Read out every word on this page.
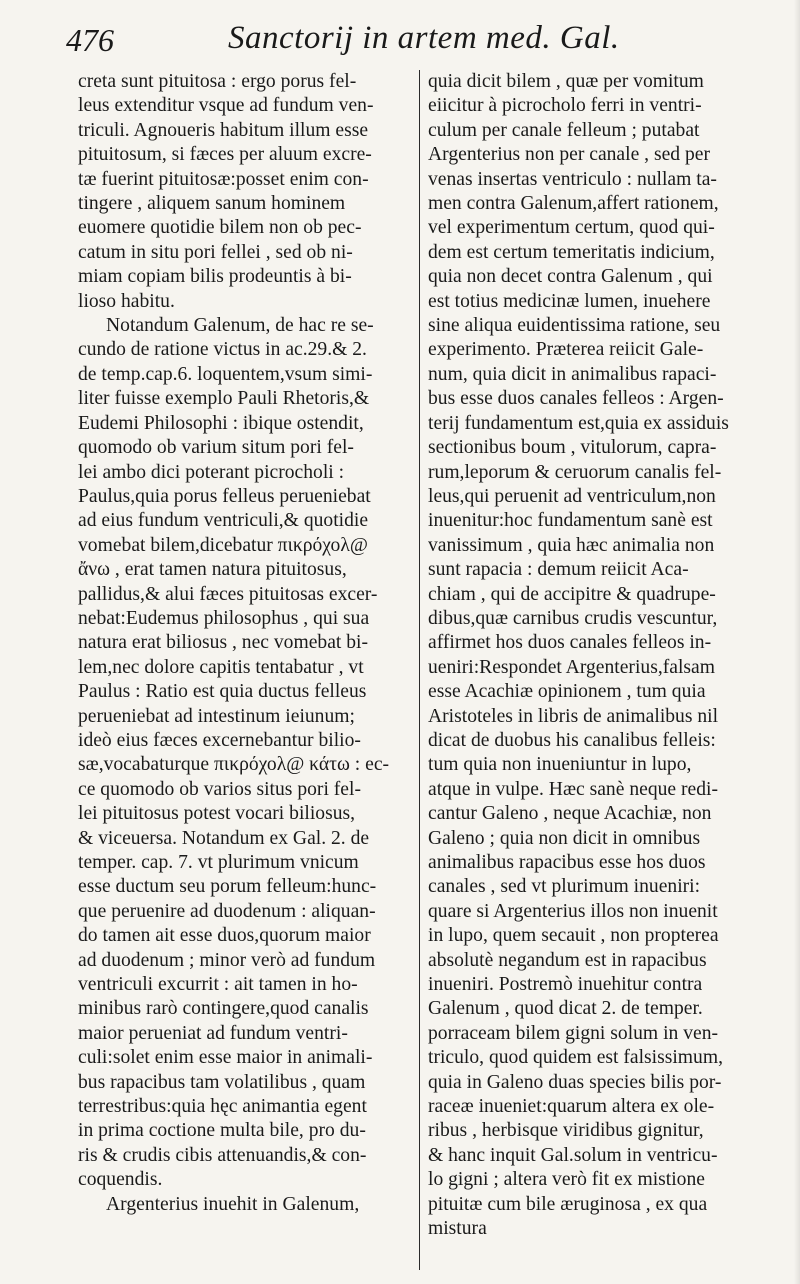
476	Sanctorij in artem med. Gal.
creta sunt pituitosa : ergo porus fel-
leus extenditur vsque ad fundum ven-
triculi. Agnoueris habitum illum esse
pituitosum, si fæces per aluum excre-
tæ fuerint pituitosæ:posset enim con-
tingere , aliquem sanum hominem
euomere quotidie bilem non ob pec-
catum in situ pori fellei , sed ob ni-
miam copiam bilis prodeuntis à bi-
lioso habitu.
Notandum Galenum, de hac re se-
cundo de ratione victus in ac.29.& 2.
de temp.cap.6. loquentem,vsum simi-
liter fuisse exemplo Pauli Rhetoris,&
Eudemi Philosophi : ibique ostendit,
quomodo ob varium situm pori fel-
lei ambo dici poterant picrocholi :
Paulus,quia porus felleus perueniebat
ad eius fundum ventriculi,& quotidie
vomebat bilem,dicebatur πικρόχολ@
ἄνω , erat tamen natura pituitosus,
pallidus,& alui fæces pituitosas excer-
nebat:Eudemus philosophus , qui sua
natura erat biliosus , nec vomebat bi-
lem,nec dolore capitis tentabatur , vt
Paulus : Ratio est quia ductus felleus
perueniebat ad intestinum ieiunum;
ideò eius fæces excernebantur bilio-
sæ,vocabaturque πικρόχολ@ κάτω : ec-
ce quomodo ob varios situs pori fel-
lei pituitosus potest vocari biliosus,
& viceuersa. Notandum ex Gal. 2. de
temper. cap. 7. vt plurimum vnicum
esse ductum seu porum felleum:hunc-
que peruenire ad duodenum : aliquan-
do tamen ait esse duos,quorum maior
ad duodenum ; minor verò ad fundum
ventriculi excurrit : ait tamen in ho-
minibus rarò contingere,quod canalis
maior perueniat ad fundum ventri-
culi:solet enim esse maior in animali-
bus rapacibus tam volatilibus , quam
terrestribus:quia hęc animantia egent
in prima coctione multa bile, pro du-
ris & crudis cibis attenuandis,& con-
coquendis.
Argenterius inuehit in Galenum,
quia dicit bilem , quæ per vomitum
eiicitur à picrocholo ferri in ventri-
culum per canale felleum ; putabat
Argenterius non per canale , sed per
venas insertas ventriculo : nullam ta-
men contra Galenum,affert rationem,
vel experimentum certum, quod qui-
dem est certum temeritatis indicium,
quia non decet contra Galenum , qui
est totius medicinæ lumen, inuehere
sine aliqua euidentissima ratione, seu
experimento. Præterea reiicit Gale-
num, quia dicit in animalibus rapaci-
bus esse duos canales felleos : Argen-
terij fundamentum est,quia ex assiduis
sectionibus boum , vitulorum, capra-
rum,leporum & ceruorum canalis fel-
leus,qui peruenit ad ventriculum,non
inuenitur:hoc fundamentum sanè est
vanissimum , quia hæc animalia non
sunt rapacia : demum reiicit Aca-
chiam , qui de accipitre & quadrupe-
dibus,quæ carnibus crudis vescuntur,
affirmet hos duos canales felleos in-
ueniri:Respondet Argenterius,falsam
esse Acachiæ opinionem , tum quia
Aristoteles in libris de animalibus nil
dicat de duobus his canalibus felleis:
tum quia non inueniuntur in lupo,
atque in vulpe. Hæc sanè neque redi-
cantur Galeno , neque Acachiæ, non
Galeno ; quia non dicit in omnibus
animalibus rapacibus esse hos duos
canales , sed vt plurimum inueniri:
quare si Argenterius illos non inuenit
in lupo, quem secauit , non propterea
absolutè negandum est in rapacibus
inueniri. Postremò inuehitur contra
Galenum , quod dicat 2. de temper.
porraceam bilem gigni solum in ven-
triculo, quod quidem est falsissimum,
quia in Galeno duas species bilis por-
raceæ inueniet:quarum altera ex ole-
ribus , herbisque viridibus gignitur,
& hanc inquit Gal.solum in ventricu-
lo gigni ; altera verò fit ex mistione
pituitæ cum bile æruginosa , ex qua
mistura
